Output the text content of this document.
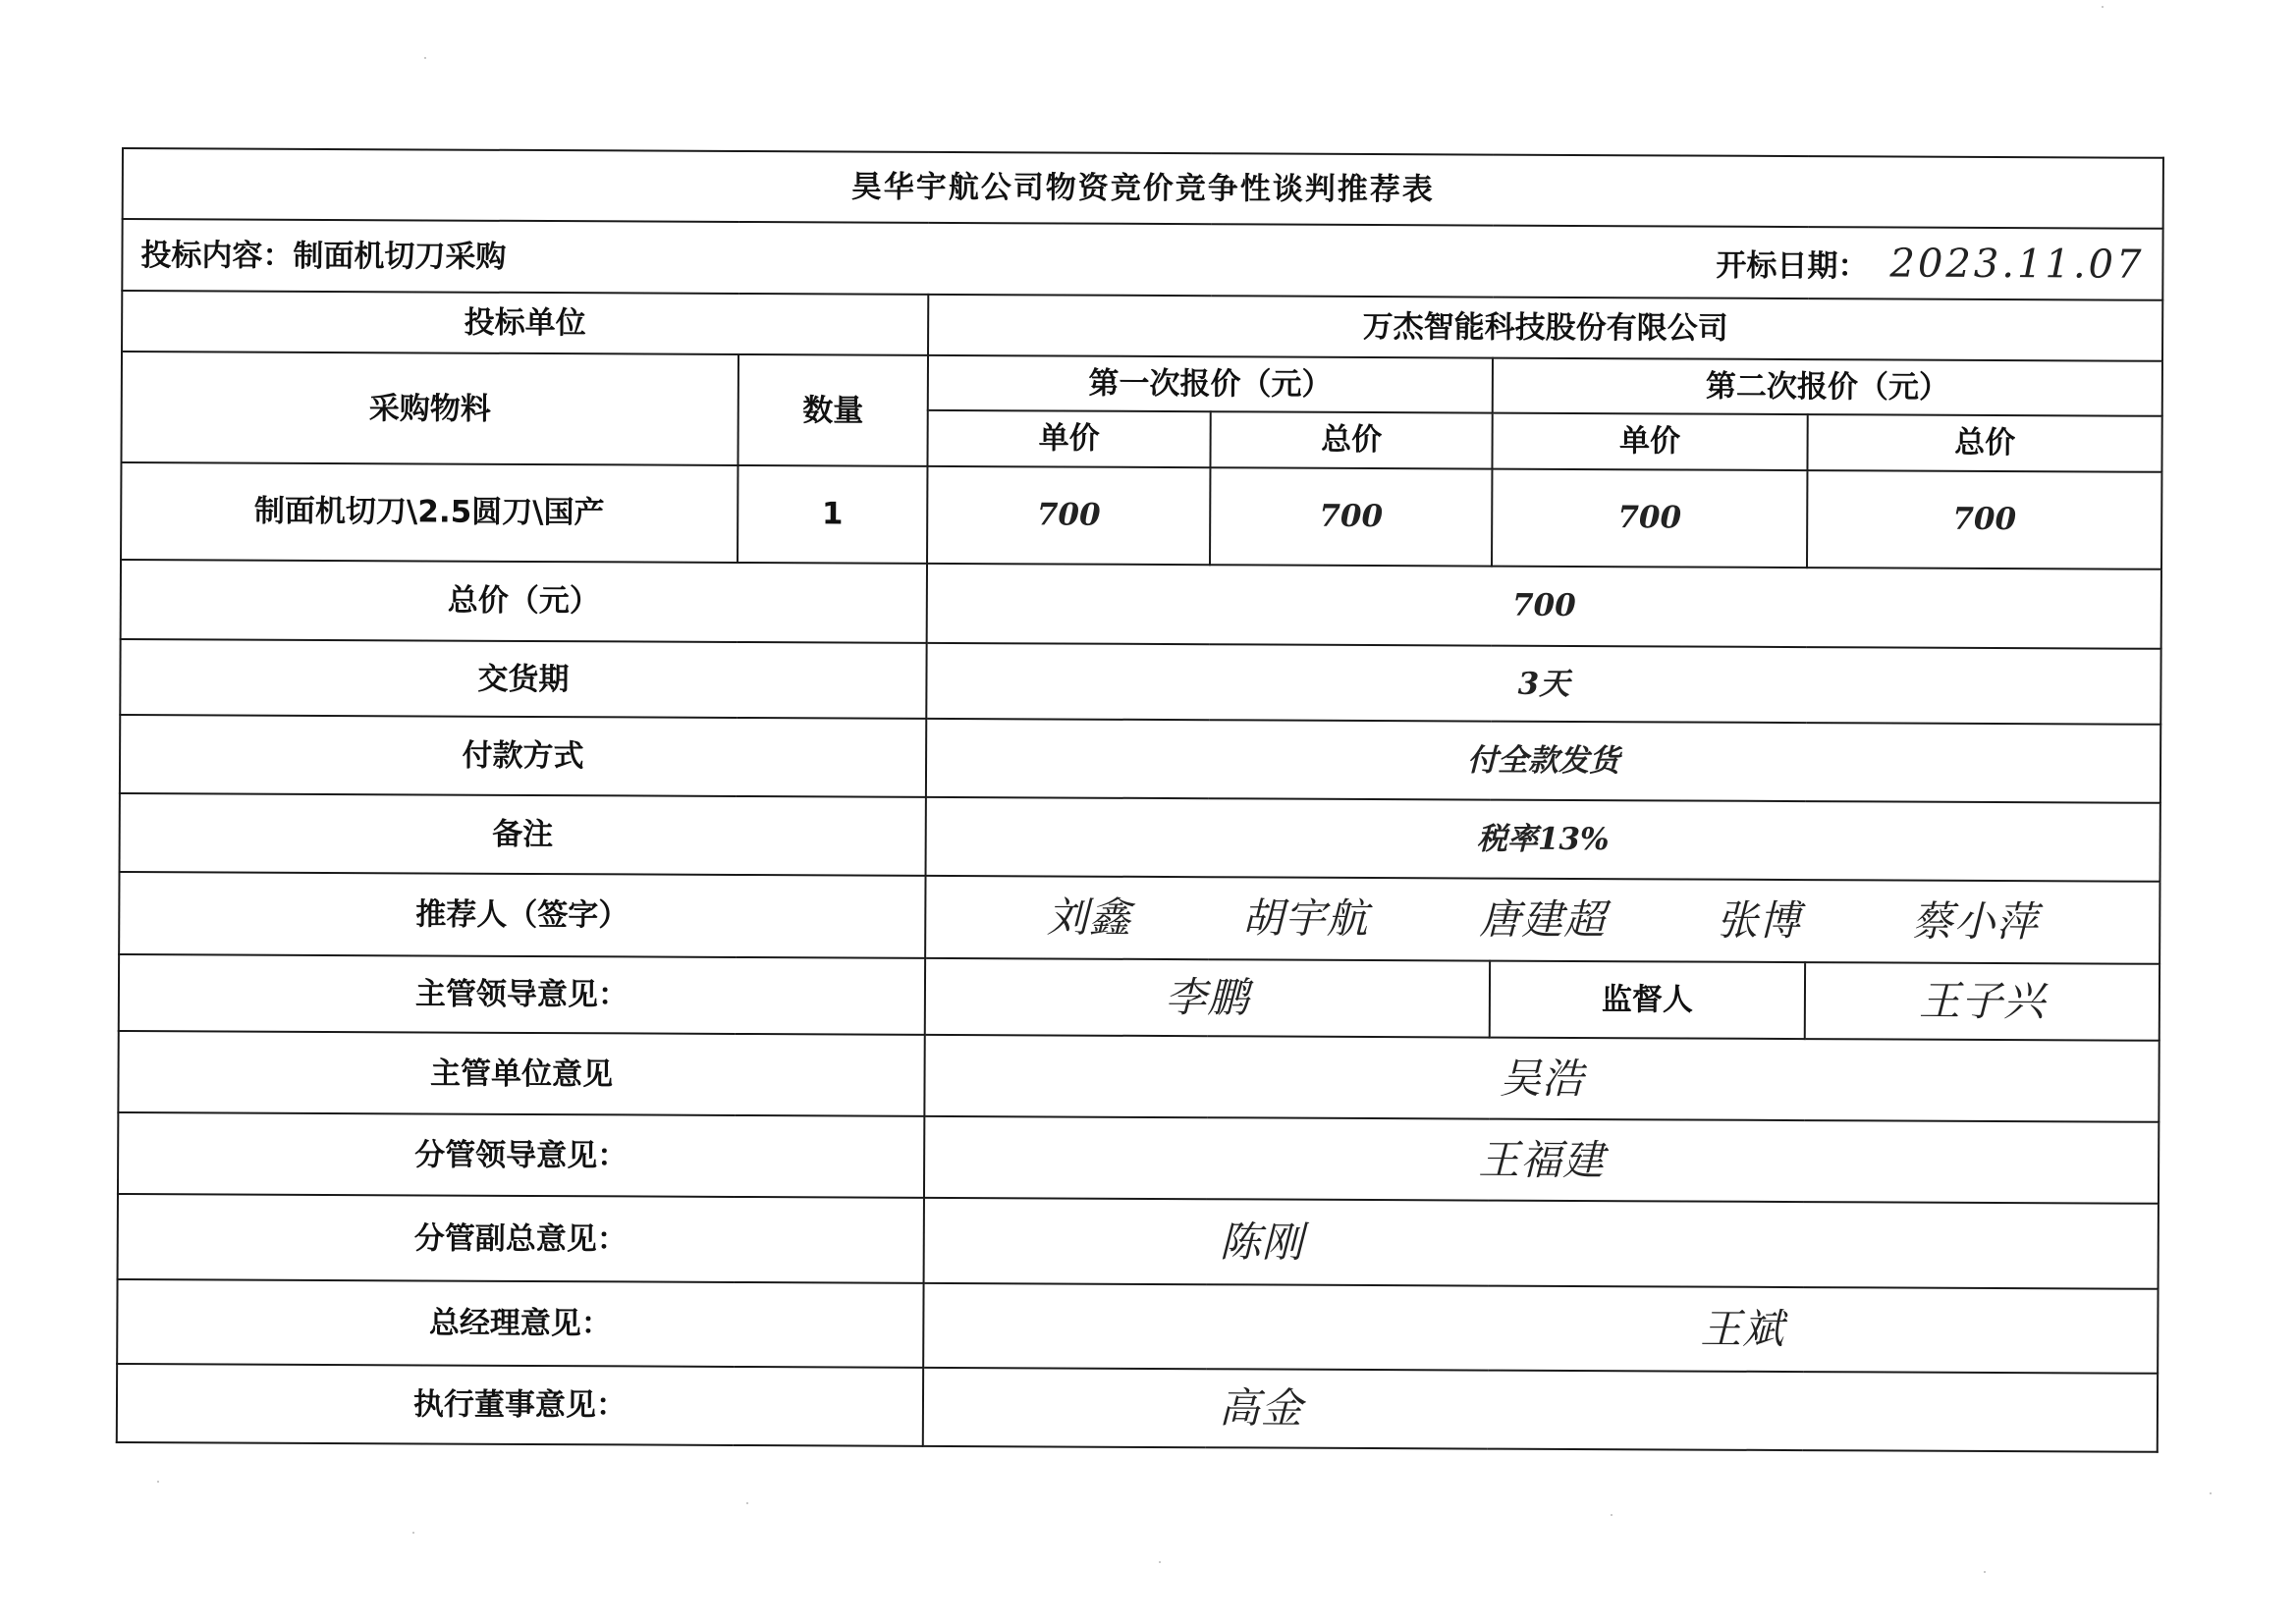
昊华宇航公司物资竞价竞争性谈判推荐表					

投标内容：制面机切刀采购 开标日期： 2023.11.07					

投标单位		万杰智能科技股份有限公司			
采购物料	数量	第一次报价（元）		第二次报价（元）	
		单价	总价	单价	总价
制面机切刀\2.5圆刀\国产	1	700	700	700	700
总价（元）		700			
交货期		3天			
付款方式		付全款发货			
备注		税率13%			
推荐人（签字）		刘鑫 胡宇航 唐建超 张博 蔡小萍			

主管领导意见：		李鹏		监督人	王子兴
主管单位意见		吴浩			
分管领导意见：		王福建			
分管副总意见：		陈刚			
总经理意见：		王斌			
执行董事意见：		高金			
